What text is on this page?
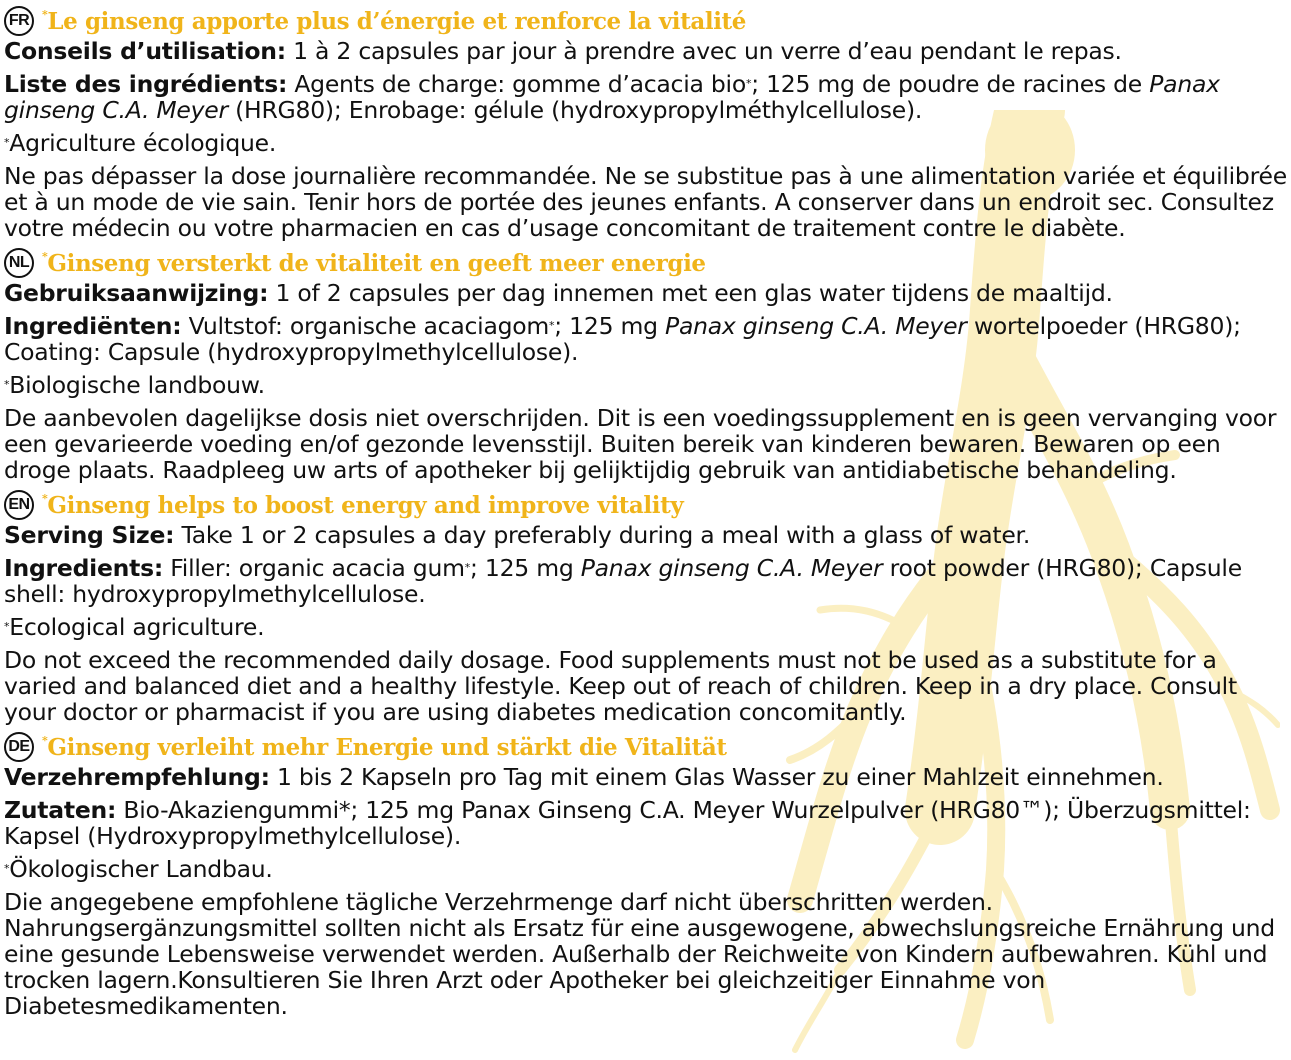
FR	*Le ginseng apporte plus d’énergie et renforce la vitalité

Conseils d’utilisation: 1 à 2 capsules par jour à prendre avec un verre d’eau pendant le repas.

Liste des ingrédients: Agents de charge: gomme d’acacia bio*; 125 mg de poudre de racines de Panax ginseng C.A. Meyer (HRG80); Enrobage: gélule (hydroxypropylméthylcellulose).

*Agriculture écologique.

Ne pas dépasser la dose journalière recommandée. Ne se substitue pas à une alimentation variée et équilibrée et à un mode de vie sain. Tenir hors de portée des jeunes enfants. A conserver dans un endroit sec. Consultez votre médecin ou votre pharmacien en cas d’usage concomitant de traitement contre le diabète.

NL	*Ginseng versterkt de vitaliteit en geeft meer energie

Gebruiksaanwijzing: 1 of 2 capsules per dag innemen met een glas water tijdens de maaltijd.

Ingrediënten: Vultstof: organische acaciagom*; 125 mg Panax ginseng C.A. Meyer wortelpoeder (HRG80); Coating: Capsule (hydroxypropylmethylcellulose).

*Biologische landbouw.

De aanbevolen dagelijkse dosis niet overschrijden. Dit is een voedingssupplement en is geen vervanging voor een gevarieerde voeding en/of gezonde levensstijl. Buiten bereik van kinderen bewaren. Bewaren op een droge plaats. Raadpleeg uw arts of apotheker bij gelijktijdig gebruik van antidiabetische behandeling.

EN	*Ginseng helps to boost energy and improve vitality

Serving Size: Take 1 or 2 capsules a day preferably during a meal with a glass of water.

Ingredients: Filler: organic acacia gum*; 125 mg Panax ginseng C.A. Meyer root powder (HRG80); Capsule shell: hydroxypropylmethylcellulose.

*Ecological agriculture.

Do not exceed the recommended daily dosage. Food supplements must not be used as a substitute for a varied and balanced diet and a healthy lifestyle. Keep out of reach of children. Keep in a dry place. Consult your doctor or pharmacist if you are using diabetes medication concomitantly.

DE	*Ginseng verleiht mehr Energie und stärkt die Vitalität

Verzehrempfehlung: 1 bis 2 Kapseln pro Tag mit einem Glas Wasser zu einer Mahlzeit einnehmen.

Zutaten: Bio-Akaziengummi*; 125 mg Panax Ginseng C.A. Meyer Wurzelpulver (HRG80™); Überzugsmittel: Kapsel (Hydroxypropylmethylcellulose).

*Ökologischer Landbau.

Die angegebene empfohlene tägliche Verzehrmenge darf nicht überschritten werden. Nahrungsergänzungsmittel sollten nicht als Ersatz für eine ausgewogene, abwechslungsreiche Ernährung und eine gesunde Lebensweise verwendet werden. Außerhalb der Reichweite von Kindern aufbewahren. Kühl und trocken lagern.Konsultieren Sie Ihren Arzt oder Apotheker bei gleichzeitiger Einnahme von Diabetesmedikamenten.
